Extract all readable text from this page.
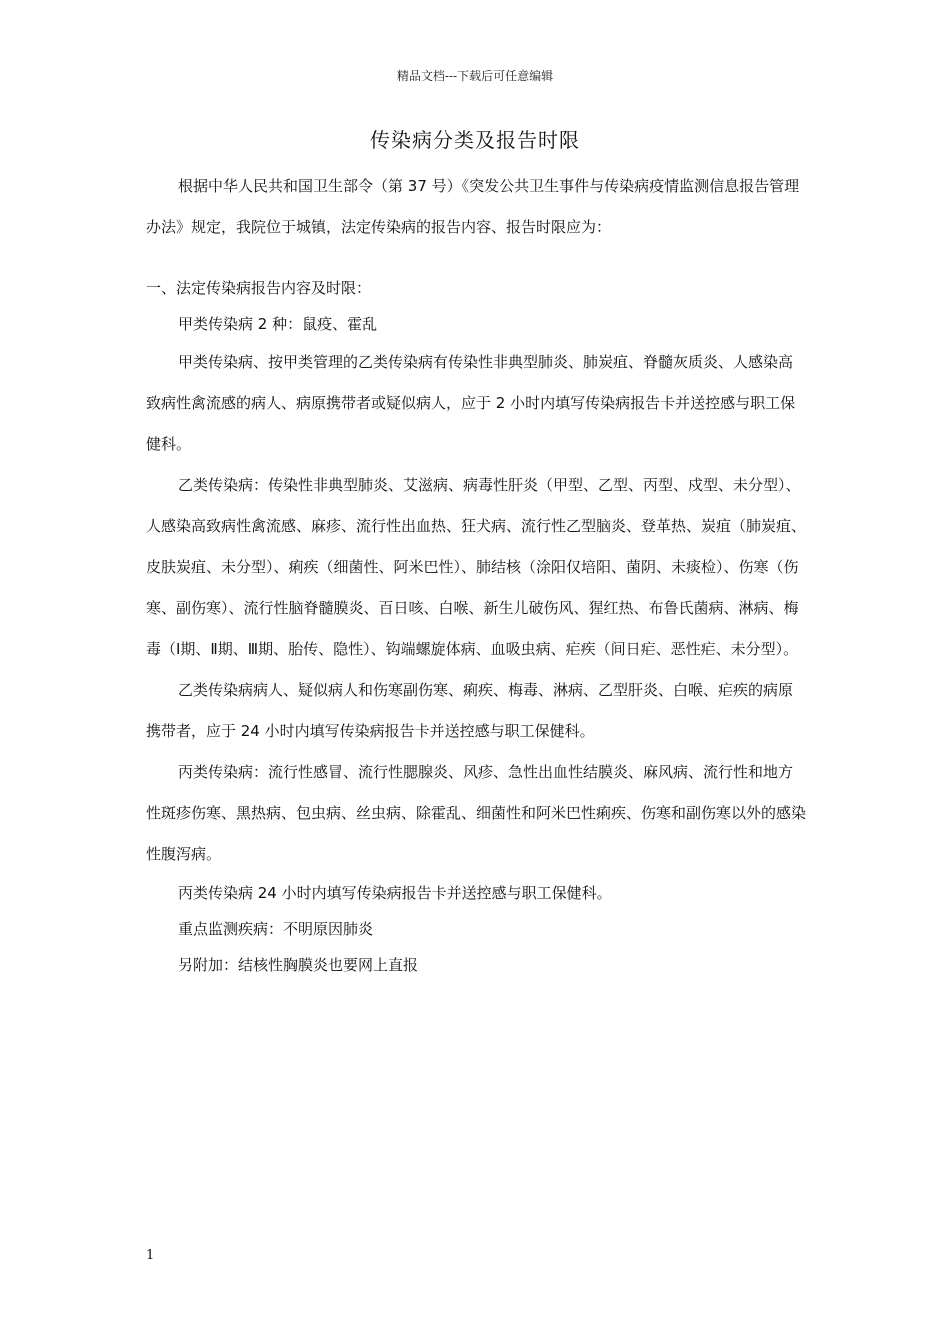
精品文档---下载后可任意编辑
传染病分类及报告时限

根据中华人民共和国卫生部令（第 37 号）《突发公共卫生事件与传染病疫情监测信息报告管理办法》规定，我院位于城镇，法定传染病的报告内容、报告时限应为：

一、法定传染病报告内容及时限：

甲类传染病 2 种：鼠疫、霍乱

甲类传染病、按甲类管理的乙类传染病有传染性非典型肺炎、肺炭疽、脊髓灰质炎、人感染高致病性禽流感的病人、病原携带者或疑似病人，应于 2 小时内填写传染病报告卡并送控感与职工保健科。

乙类传染病：传染性非典型肺炎、艾滋病、病毒性肝炎（甲型、乙型、丙型、戍型、未分型）、人感染高致病性禽流感、麻疹、流行性出血热、狂犬病、流行性乙型脑炎、登革热、炭疽（肺炭疽、皮肤炭疽、未分型）、痢疾（细菌性、阿米巴性）、肺结核（涂阳仅培阳、菌阴、未痰检）、伤寒（伤寒、副伤寒）、流行性脑脊髓膜炎、百日咳、白喉、新生儿破伤风、猩红热、布鲁氏菌病、淋病、梅毒（Ⅰ期、Ⅱ期、Ⅲ期、胎传、隐性）、钩端螺旋体病、血吸虫病、疟疾（间日疟、恶性疟、未分型）。

乙类传染病病人、疑似病人和伤寒副伤寒、痢疾、梅毒、淋病、乙型肝炎、白喉、疟疾的病原携带者，应于 24 小时内填写传染病报告卡并送控感与职工保健科。

丙类传染病：流行性感冒、流行性腮腺炎、风疹、急性出血性结膜炎、麻风病、流行性和地方性斑疹伤寒、黑热病、包虫病、丝虫病、除霍乱、细菌性和阿米巴性痢疾、伤寒和副伤寒以外的感染性腹泻病。

丙类传染病 24 小时内填写传染病报告卡并送控感与职工保健科。

重点监测疾病：不明原因肺炎

另附加：结核性胸膜炎也要网上直报

1
